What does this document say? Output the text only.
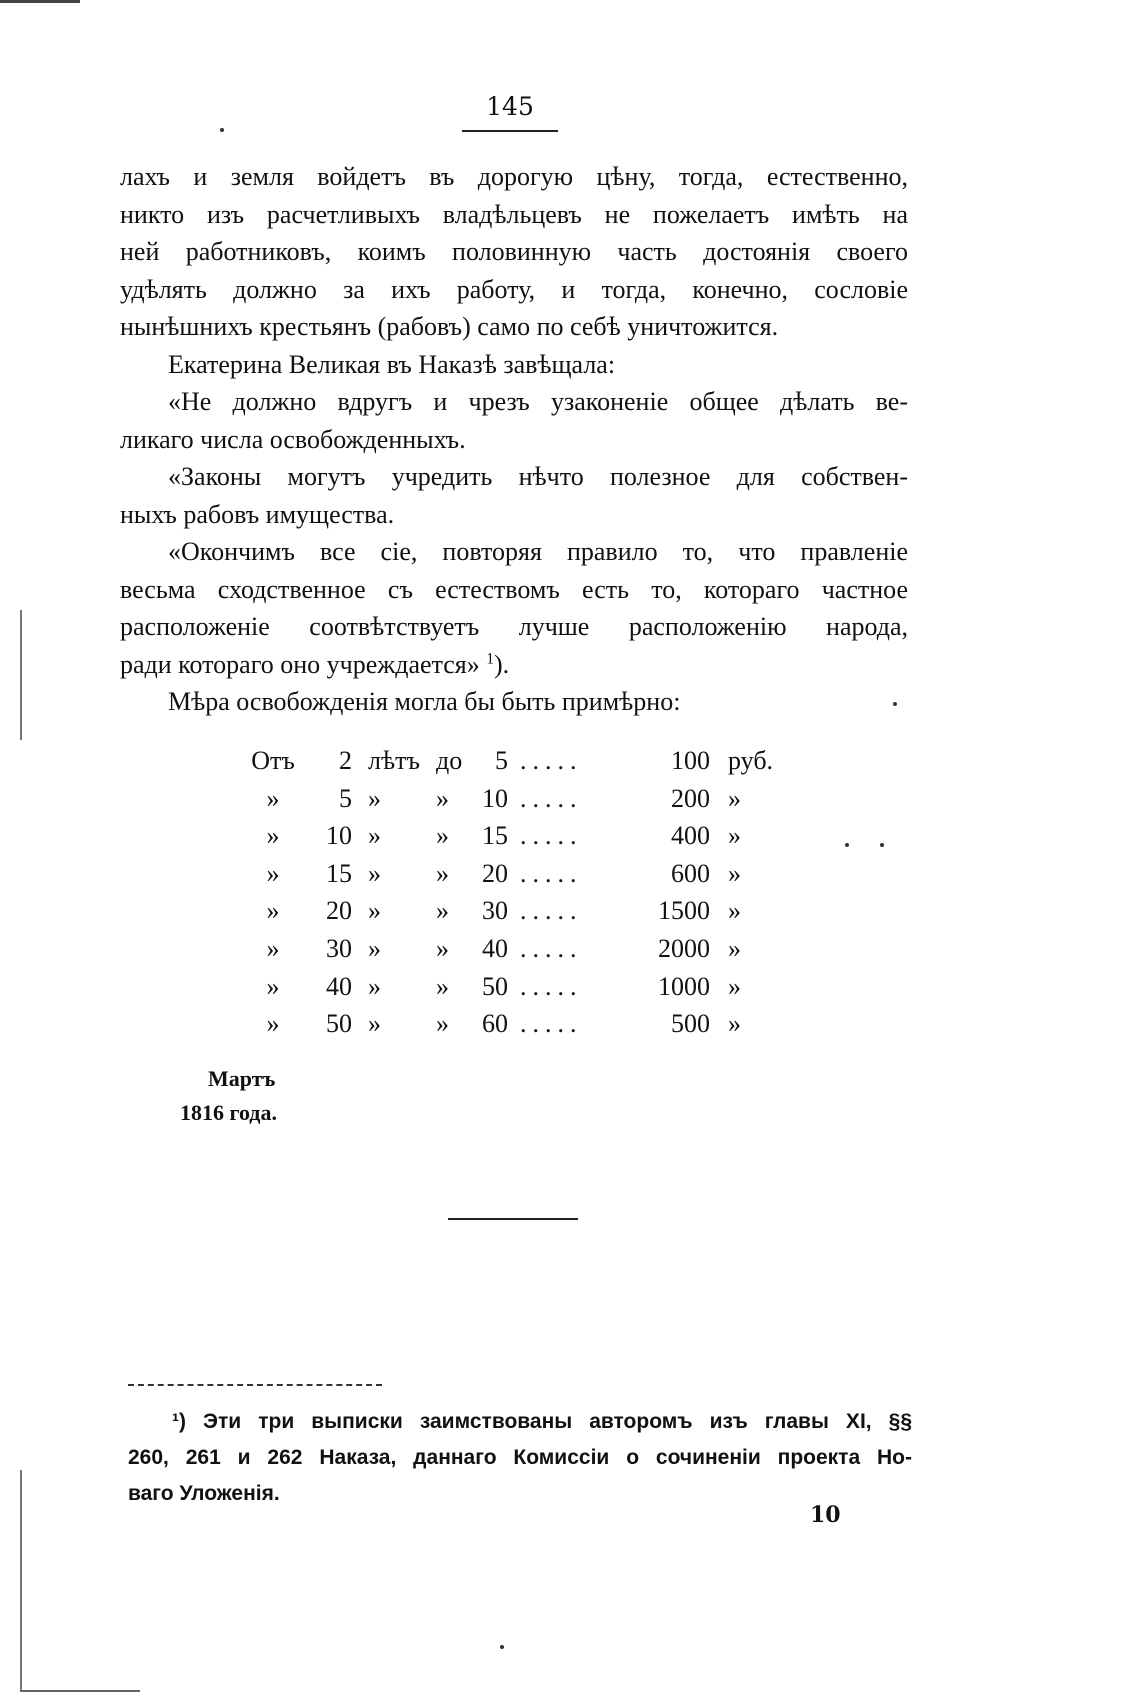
145
лахъ и земля войдетъ въ дорогую цѣну, тогда, естественно,
никто изъ расчетливыхъ владѣльцевъ не пожелаетъ имѣть на
ней работниковъ, коимъ половинную часть достоянія своего
удѣлять должно за ихъ работу, и тогда, конечно, сословіе
нынѣшнихъ крестьянъ (рабовъ) само по себѣ уничтожится.
Екатерина Великая въ Наказѣ завѣщала:
«Не должно вдругъ и чрезъ узаконеніе общее дѣлать ве-
ликаго числа освобожденныхъ.
«Законы могутъ учредить нѣчто полезное для собствен-
ныхъ рабовъ имущества.
«Окончимъ все сіе, повторяя правило то, что правленіе
весьма сходственное съ естествомъ есть то, котораго частное
расположеніе соотвѣтствуетъ лучше расположенію народа,
ради котораго оно учреждается» $^1$).
Мѣра освобожденія могла бы быть примѣрно:
Отъ	2 лѣтъ до	5 .....	100 руб.
»	5 »	»	10 .....	200 »
»	10 »	»	15 .....	400 »
»	15 »	»	20 .....	600 »
»	20 »	»	30 .....	1500 »
»	30 »	»	40 .....	2000 »
»	40 »	»	50 .....	1000 »
»	50 »	»	60 .....	500 »
Мартъ
1816 года.
¹) Эти три выписки заимствованы авторомъ изъ главы XI, §§
260, 261 и 262 Наказа, даннаго Комиссіи о сочиненіи проекта Но-
ваго Уложенія.
10
